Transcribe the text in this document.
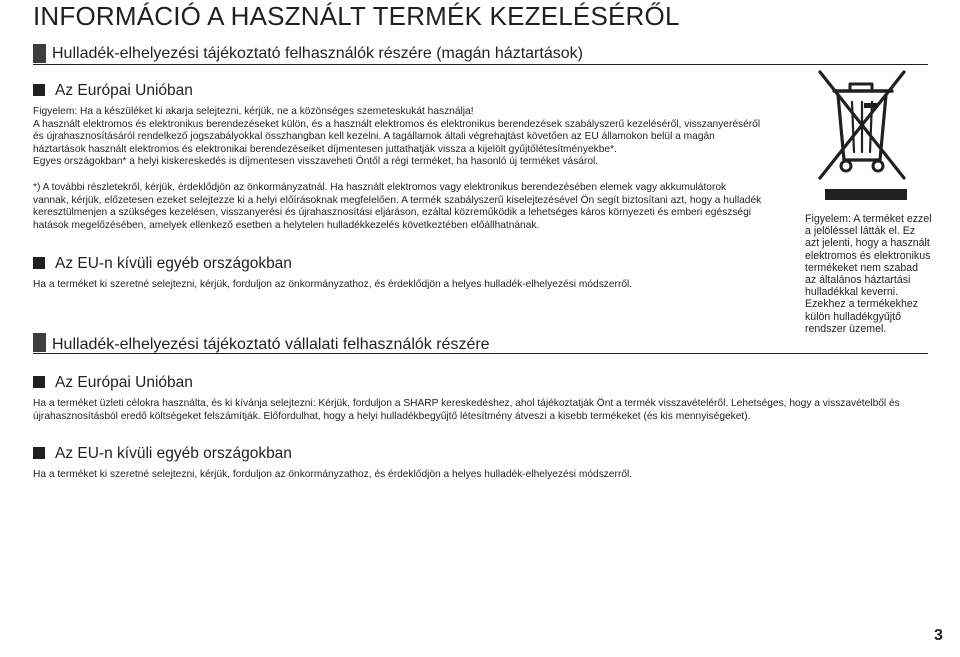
INFORMÁCIÓ A HASZNÁLT TERMÉK KEZELÉSÉRŐL
Hulladék-elhelyezési tájékoztató felhasználók részére (magán háztartások)
Az Európai Unióban
Figyelem: Ha a készüléket ki akarja selejtezni, kérjük, ne a közönséges szemeteskukát használja!
A használt elektromos és elektronikus berendezéseket külön, és a használt elektromos és elektronikus berendezések szabályszerű kezeléséről, visszanyeréséről
és újrahasznosításáról rendelkező jogszabályokkal összhangban kell kezelni. A tagállamok általi végrehajtást követően az EU államokon belül a magán
háztartások használt elektromos és elektronikai berendezéseiket díjmentesen juttathatják vissza a kijelölt gyűjtőlétesítményekbe*.
Egyes országokban* a helyi kiskereskedés is díjmentesen visszaveheti Öntől a régi terméket, ha hasonló új terméket vásárol.
*) A további részletekről, kérjük, érdeklődjön az önkormányzatnál. Ha használt elektromos vagy elektronikus berendezésében elemek vagy akkumulátorok
vannak, kérjük, előzetesen ezeket selejtezze ki a helyi előírásoknak megfelelően. A termék szabályszerű kiselejtezésével Ön segít biztosítani azt, hogy a hulladék
keresztülmenjen a szükséges kezelésen, visszanyerési és újrahasznosítási eljáráson, ezáltal közreműködik a lehetséges káros környezeti és emberi egészségi
hatások megelőzésében, amelyek ellenkező esetben a helytelen hulladékkezelés következtében előállhatnának.
Az EU-n kívüli egyéb országokban
Ha a terméket ki szeretné selejtezni, kérjük, forduljon az önkormányzathoz, és érdeklődjön a helyes hulladék-elhelyezési módszerről.
Figyelem: A terméket ezzel
a jelöléssel látták el. Ez
azt jelenti, hogy a használt
elektromos és elektronikus
termékeket nem szabad
az általános háztartási
hulladékkal keverni.
Ezekhez a termékekhez
külön hulladékgyűjtő
rendszer üzemel.
Hulladék-elhelyezési tájékoztató vállalati felhasználók részére
Az Európai Unióban
Ha a terméket üzleti célokra használta, és ki kívánja selejtezni: Kérjük, forduljon a SHARP kereskedéshez, ahol tájékoztatják Önt a termék visszavételéről. Lehetséges, hogy a visszavételből és
újrahasznosításból eredő költségeket felszámítják. Előfordulhat, hogy a helyi hulladékbegyűjtő létesítmény átveszi a kisebb termékeket (és kis mennyiségeket).
Az EU-n kívüli egyéb országokban
Ha a terméket ki szeretné selejtezni, kérjük, forduljon az önkormányzathoz, és érdeklődjön a helyes hulladék-elhelyezési módszerről.
3
